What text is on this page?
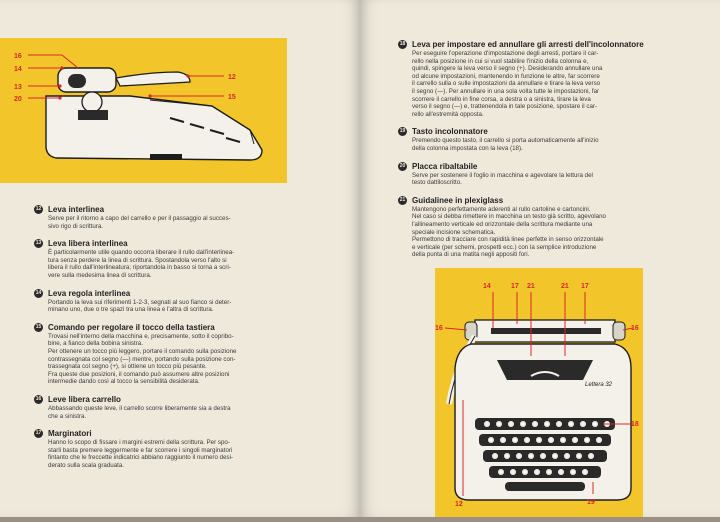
16
14
13
20
12
15
12 Leva interlinea
Serve per il ritorno a capo del carrello e per il passaggio al succes-
sivo rigo di scrittura.
13 Leva libera interlinea
È particolarmente utile quando occorra liberare il rullo dall'interlinea-
tura senza perdere la linea di scrittura. Spostandola verso l'alto si
libera il rullo dall'interlineatura; riportandola in basso si torna a scri-
vere sulla medesima linea di scrittura.
14 Leva regola interlinea
Portando la leva sui riferimenti 1-2-3, segnati al suo fianco si deter-
minano uno, due o tre spazi tra una linea e l'altra di scrittura.
15 Comando per regolare il tocco della tastiera
Trovasi nell'interno della macchina e, precisamente, sotto il copribo-
bine, a fianco della bobina sinistra.
Per ottenere un tocco più leggero, portare il comando sulla posizione
contrassegnata col segno (—) mentre, portando sulla posizione con-
trassegnata col segno (+), si ottiene un tocco più pesante.
Fra queste due posizioni, il comando può assumere altre posizioni
intermedie dando così al tocco la sensibilità desiderata.
16 Leve libera carrello
Abbassando queste leve, il carrello scorre liberamente sia a destra
che a sinistra.
17 Marginatori
Hanno lo scopo di fissare i margini estremi della scrittura. Per spo-
starli basta premere leggermente e far scorrere i singoli marginatori
fintanto che le freccette indicatrici abbiano raggiunto il numero desi-
derato sulla scala graduata.
18 Leva per impostare ed annullare gli arresti dell'incolonnatore
Per eseguire l'operazione d'impostazione degli arresti, portare il car-
rello nella posizione in cui si vuol stabilire l'inizio della colonna e,
quindi, spingere la leva verso il segno (+). Desiderando annullare una
od alcune impostazioni, mantenendo in funzione le altre, far scorrere
il carrello sulla o sulle impostazioni da annullare e tirare la leva verso
il segno (—). Per annullare in una sola volta tutte le impostazioni, far
scorrere il carrello in fine corsa, a destra o a sinistra, tirare la leva
verso il segno (—) e, trattenendola in tale posizione, spostare il car-
rello all'estremità opposta.
19 Tasto incolonnatore
Premendo questo tasto, il carrello si porta automaticamente all'inizio
della colonna impostata con la leva (18).
20 Placca ribaltabile
Serve per sostenere il foglio in macchina e agevolare la lettura del
testo dattiloscritto.
21 Guidalinee in plexiglass
Mantengono perfettamente aderenti al rullo cartoline e cartoncini.
Nel caso si debba rimettere in macchina un testo già scritto, agevolano
l'allineamento verticale ed orizzontale della scrittura mediante una
speciale incisione schematica.
Permettono di tracciare con rapidità linee perfette in senso orizzontale
e verticale (per schemi, prospetti ecc.) con la semplice introduzione
della punta di una matita negli appositi fori.
Lettera 32
14	17 21	21 17
16	16
18
12	19
